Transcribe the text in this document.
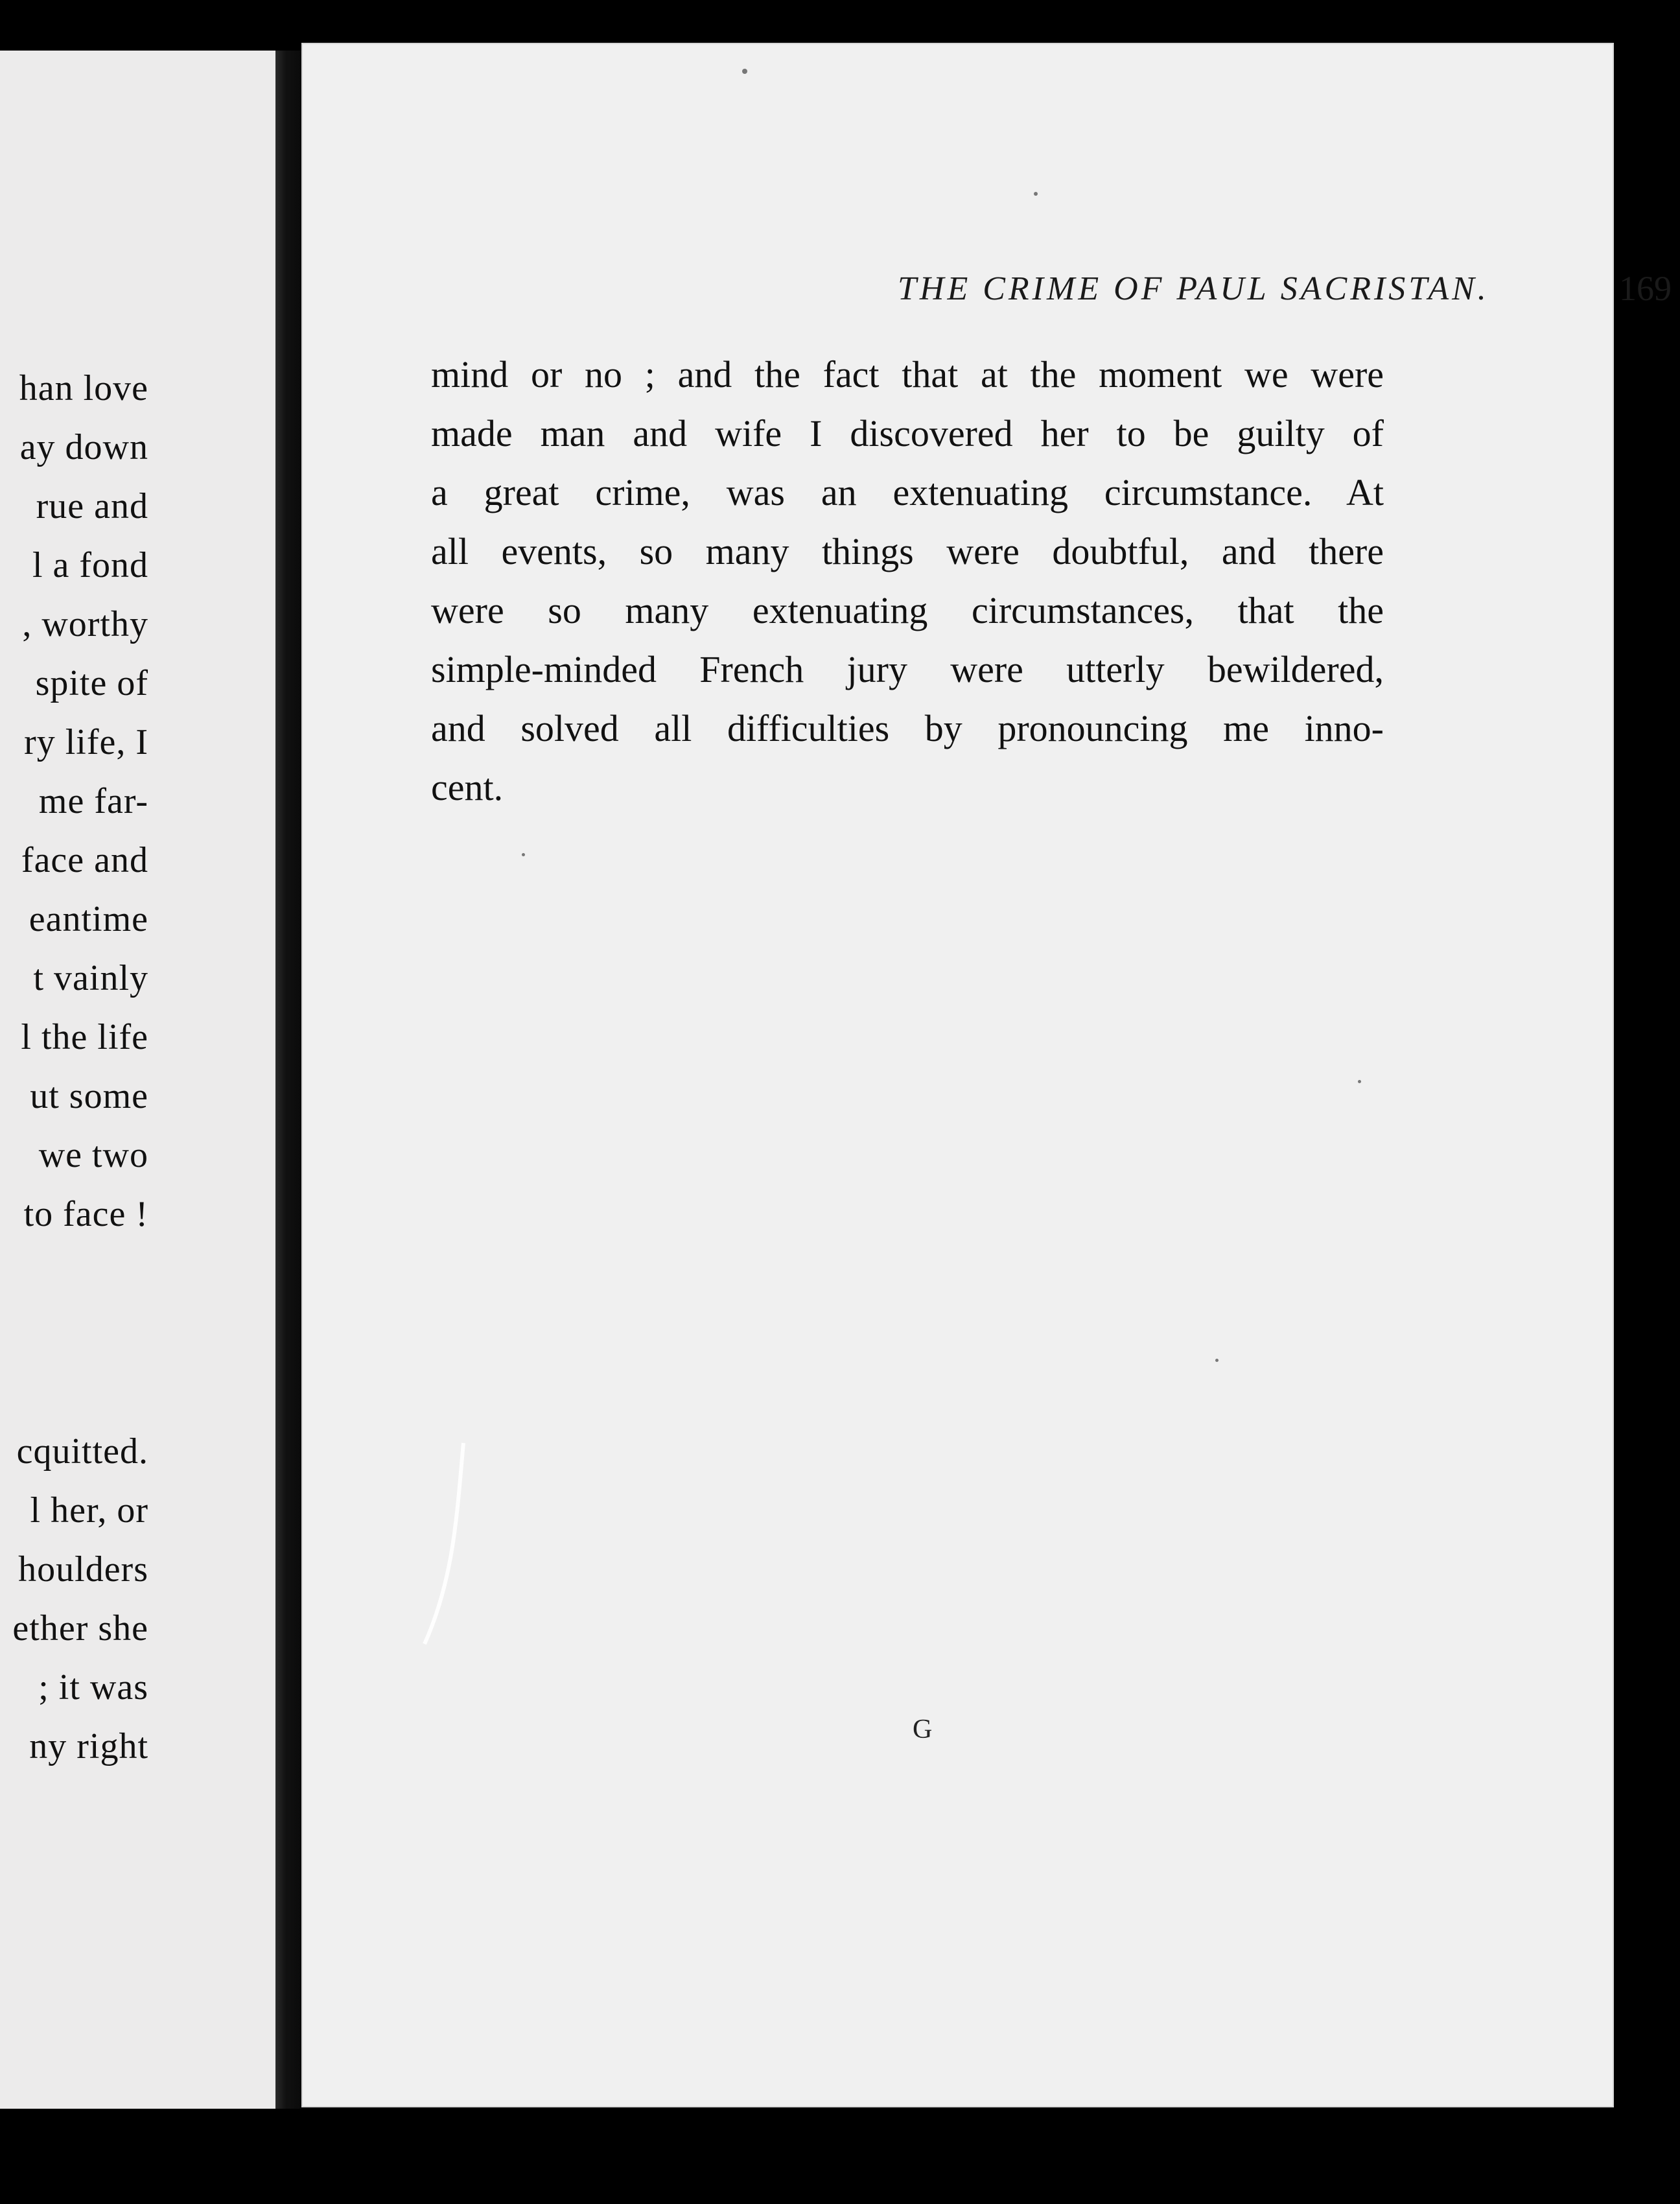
han love
ay down
rue and
l a fond
, worthy
spite of
ry life, I
me far-
face and
eantime
t vainly
l the life
ut some
we two
to face !
cquitted.
l her, or
houlders
ether she
; it was
ny right
THE CRIME OF PAUL SACRISTAN.	169
mind or no ; and the fact that at the moment we were
made man and wife I discovered her to be guilty of
a great crime, was an extenuating circumstance. At
all events, so many things were doubtful, and there
were so many extenuating circumstances, that the
simple-minded French jury were utterly bewildered,
and solved all difficulties by pronouncing me inno-
cent.
G
